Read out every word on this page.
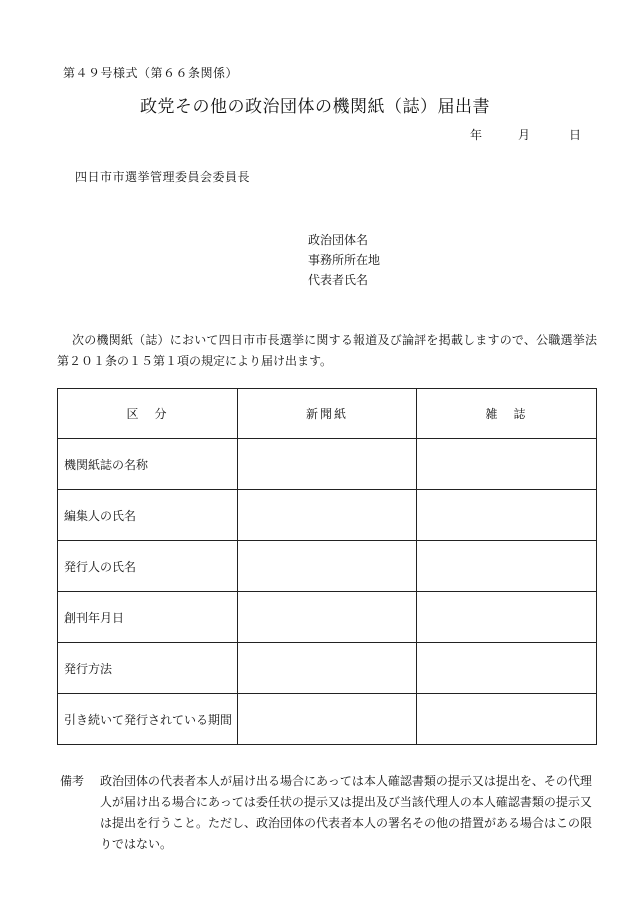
第４９号様式（第６６条関係）
政党その他の政治団体の機関紙（誌）届出書
年	月	日
四日市市選挙管理委員会委員長
政治団体名
事務所所在地
代表者氏名

次の機関紙（誌）において四日市市長選挙に関する報道及び論評を掲載しますので、公職選挙法第２０１条の１５第１項の規定により届け出ます。

区　分	新聞紙	雑　誌
機関紙誌の名称		
編集人の氏名		
発行人の氏名		
創刊年月日		
発行方法		
引き続いて発行されている期間		
備考 政治団体の代表者本人が届け出る場合にあっては本人確認書類の提示又は提出を、その代理人が届け出る場合にあっては委任状の提示又は提出及び当該代理人の本人確認書類の提示又は提出を行うこと。ただし、政治団体の代表者本人の署名その他の措置がある場合はこの限りではない。
